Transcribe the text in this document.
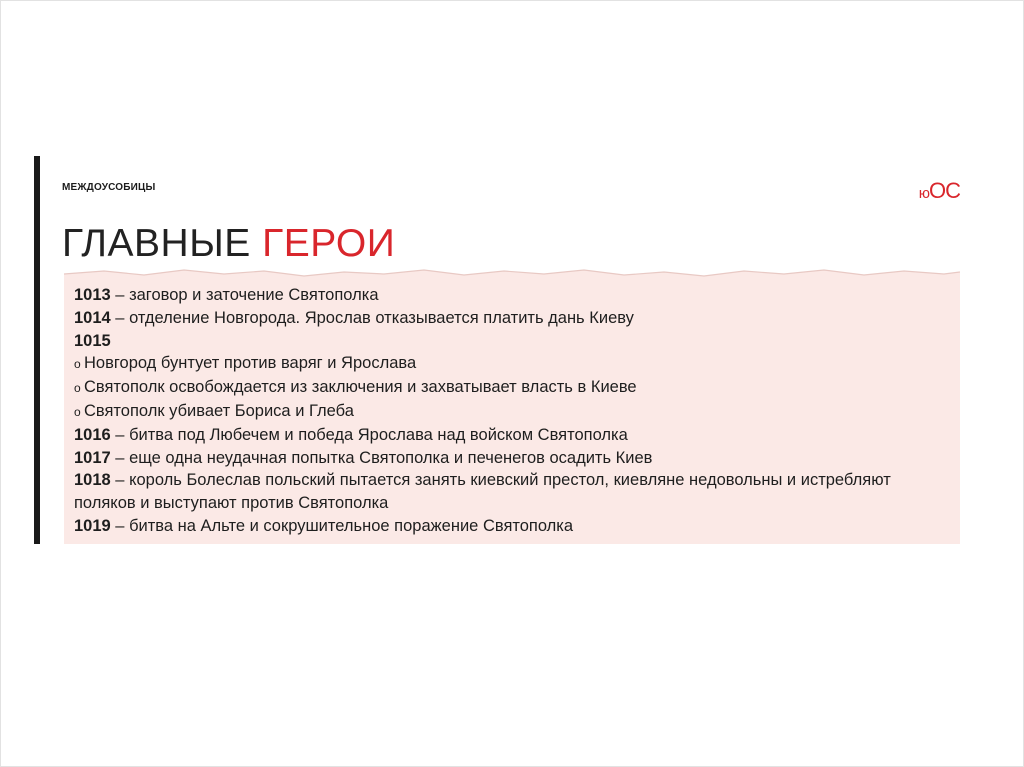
МЕЖДОУСОБИЦЫ	юОС
ГЛАВНЫЕ ГЕРОИ
1013 – заговор и заточение Святополка
1014 – отделение Новгорода. Ярослав отказывается платить дань Киеву
1015
o Новгород бунтует против варяг и Ярослава
o Святополк освобождается из заключения и захватывает власть в Киеве
o Святополк убивает Бориса и Глеба
1016 – битва под Любечем и победа Ярослава над войском Святополка
1017 – еще одна неудачная попытка Святополка и печенегов осадить Киев
1018 – король Болеслав польский пытается занять киевский престол, киевляне недовольны и истребляют поляков и выступают против Святополка
1019 – битва на Альте и сокрушительное поражение Святополка
